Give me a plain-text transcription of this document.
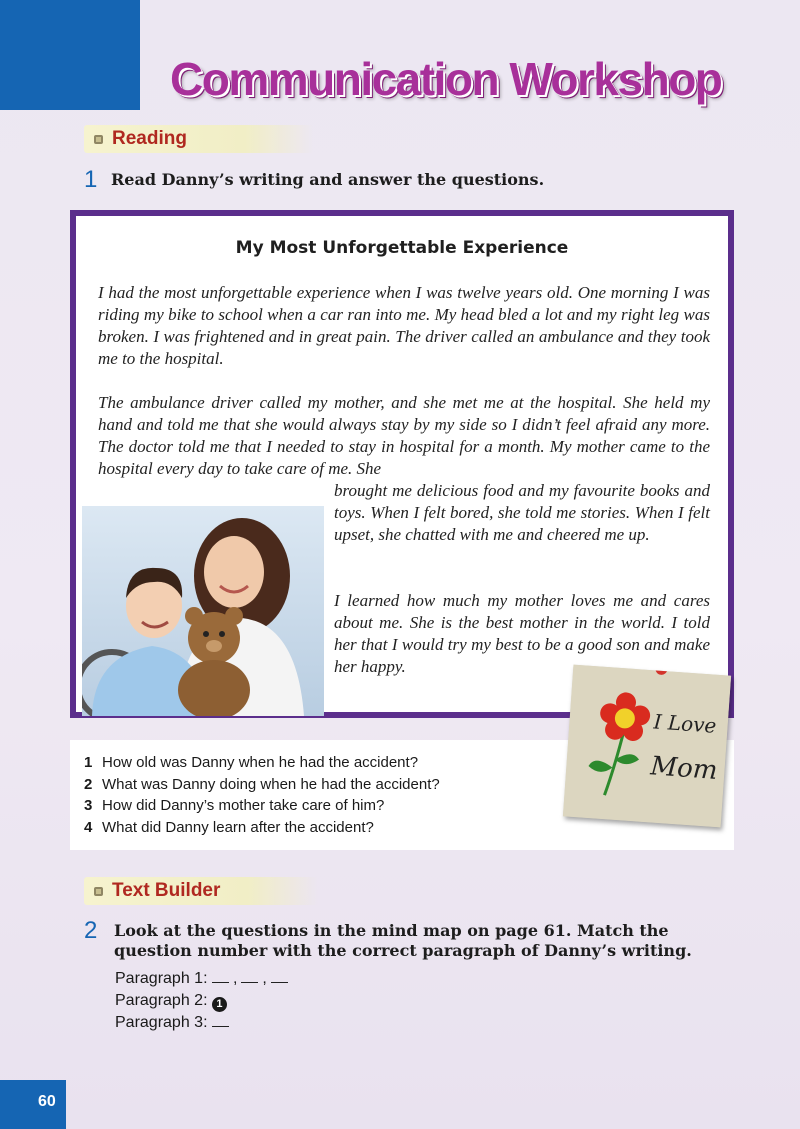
Communication Workshop
Reading
1 Read Danny’s writing and answer the questions.

My Most Unforgettable Experience

I had the most unforgettable experience when I was twelve years old. One morning I was riding my bike to school when a car ran into me. My head bled a lot and my right leg was broken. I was frightened and in great pain. The driver called an ambulance and they took me to the hospital.

The ambulance driver called my mother, and she met me at the hospital. She held my hand and told me that she would always stay by my side so I didn’t feel afraid any more. The doctor told me that I needed to stay in hospital for a month. My mother came to the hospital every day to take care of me. She

brought me delicious food and my favourite books and toys. When I felt bored, she told me stories. When I felt upset, she chatted with me and cheered me up.

I learned how much my mother loves me and cares about me. She is the best mother in the world. I told her that I would try my best to be a good son and make her happy.

1 How old was Danny when he had the accident?
2 What was Danny doing when he had the accident?
3 How did Danny’s mother take care of him?
4 What did Danny learn after the accident?
I Love
Mom
Text Builder
2 Look at the questions in the mind map on page 61. Match the question number with the correct paragraph of Danny’s writing.

Paragraph 1: , ,
Paragraph 2: 1
Paragraph 3:
60
